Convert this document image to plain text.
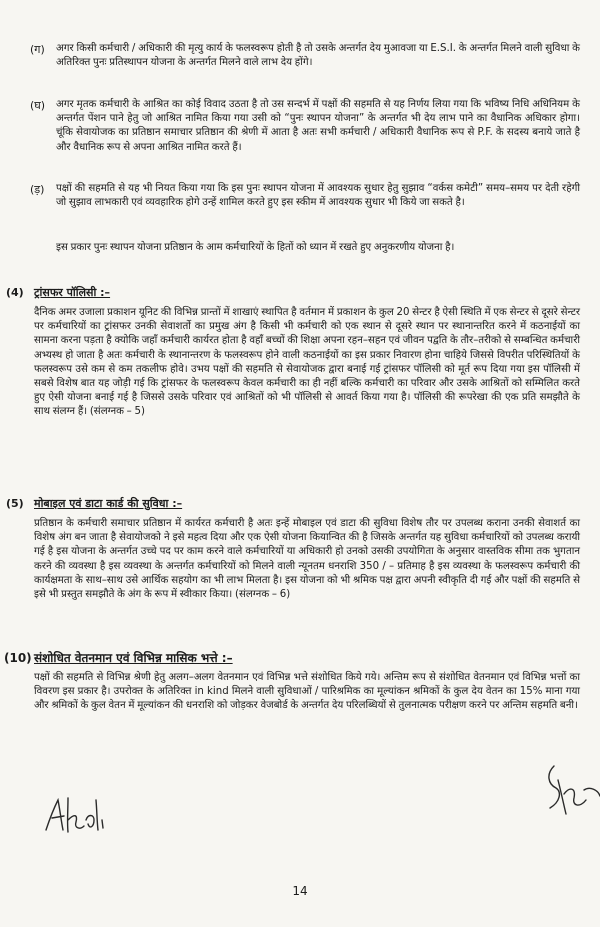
(ग) अगर किसी कर्मचारी / अधिकारी की मृत्यु कार्य के फलस्वरूप होती है तो उसके अन्तर्गत देय मुआवजा या E.S.I. के अन्तर्गत मिलने वाली सुविधा के अतिरिक्त पुनः प्रतिस्थापन योजना के अन्तर्गत मिलने वाले लाभ देय होंगे।
(घ) अगर मृतक कर्मचारी के आश्रित का कोई विवाद उठता है तो उस सन्दर्भ में पक्षों की सहमति से यह निर्णय लिया गया कि भविष्य निधि अधिनियम के अन्तर्गत पेंशन पाने हेतु जो आश्रित नामित किया गया उसी को “पुनः स्थापन योजना” के अन्तर्गत भी देय लाभ पाने का वैधानिक अधिकार होगा। चूंकि सेवायोजक का प्रतिष्ठान समाचार प्रतिष्ठान की श्रेणी में आता है अतः सभी कर्मचारी / अधिकारी वैधानिक रूप से P.F. के सदस्य बनाये जाते है और वैधानिक रूप से अपना आश्रित नामित करते हैं।
(ड़) पक्षों की सहमति से यह भी नियत किया गया कि इस पुनः स्थापन योजना में आवश्यक सुधार हेतु सुझाव “वर्कस कमेटी” समय–समय पर देती रहेगी जो सुझाव लाभकारी एवं व्यवहारिक होगे उन्हें शामिल करते हुए इस स्कीम में आवश्यक सुधार भी किये जा सकते है।
इस प्रकार पुनः स्थापन योजना प्रतिष्ठान के आम कर्मचारियों के हितों को ध्यान में रखते हुए अनुकरणीय योजना है।
(4) ट्रांसफर पॉलिसी :–
दैनिक अमर उजाला प्रकाशन यूनिट की विभिन्न प्रान्तों में शाखाएं स्थापित है वर्तमान में प्रकाशन के कुल 20 सेन्टर है ऐसी स्थिति में एक सेन्टर से दूसरे सेन्टर पर कर्मचारियों का ट्रांसफर उनकी सेवाशर्तो का प्रमुख अंग है किसी भी कर्मचारी को एक स्थान से दूसरे स्थान पर स्थानान्तरित करने में कठनाईयों का सामना करना पड़ता है क्योकि जहॉं कर्मचारी कार्यरत होता है वहॉं बच्चों की शिक्षा अपना रहन–सहन एवं जीवन पद्वति के तौर–तरीको से सम्बन्धित कर्मचारी अभ्यस्थ हो जाता है अतः कर्मचारी के स्थानान्तरण के फलस्वरूप होने वाली कठनाईयों का इस प्रकार निवारण होना चाहिये जिससे विपरीत परिस्थितियों के फलस्वरूप उसे कम से कम तकलीफ होवे। उभय पक्षों की सहमति से सेवायोजक द्वारा बनाई गई ट्रांसफर पॉलिसी को मूर्त रूप दिया गया इस पॉलिसी में सबसे विशेष बात यह जोड़ी गई कि ट्रांसफर के फलस्वरूप केवल कर्मचारी का ही नहीं बल्कि कर्मचारी का परिवार और उसके आश्रितों को सम्मिलित करते हुए ऐसी योजना बनाई गई है जिससे उसके परिवार एवं आश्रितों को भी पॉलिसी से आवर्त किया गया है। पॉलिसी की रूपरेखा की एक प्रति समझौते के साथ संलग्न हैं। (संलग्नक – 5)
(5) मोबाइल एवं डाटा कार्ड की सुविधा :–
प्रतिष्ठान के कर्मचारी समाचार प्रतिष्ठान में कार्यरत कर्मचारी है अतः इन्हें मोबाइल एवं डाटा की सुविधा विशेष तौर पर उपलब्ध कराना उनकी सेवाशर्त का विशेष अंग बन जाता है सेवायोजको ने इसे महत्व दिया और एक ऐसी योजना कियान्वित की है जिसके अन्तर्गत यह सुविधा कर्मचारियों को उपलब्ध करायी गई है इस योजना के अन्तर्गत उच्चे पद पर काम करने वाले कर्मचारियों या अधिकारी हो उनको उसकी उपयोगिता के अनुसार वास्तविक सीमा तक भुगतान करने की व्यवस्था है इस व्यवस्था के अन्तर्गत कर्मचारियों को मिलने वाली न्यूनतम धनराशि 350 / – प्रतिमाह है इस व्यवस्था के फलस्वरूप कर्मचारी की कार्यक्षमता के साथ–साथ उसे आर्थिक सहयोग का भी लाभ मिलता है। इस योजना को भी श्रमिक पक्ष द्वारा अपनी स्वीकृति दी गई और पक्षों की सहमति से इसे भी प्रस्तुत समझौते के अंग के रूप में स्वीकार किया। (संलग्नक – 6)
(10) संशोधित वेतनमान एवं विभिन्न मासिक भत्ते :–
पक्षों की सहमति से विभिन्न श्रेणी हेतु अलग–अलग वेतनमान एवं विभिन्न भत्ते संशोधित किये गये। अन्तिम रूप से संशोधित वेतनमान एवं विभिन्न भत्तों का विवरण इस प्रकार है। उपरोक्त के अतिरिक्त in kind मिलने वाली सुविधाओं / पारिश्रमिक का मूल्यांकन श्रमिकों के कुल देय वेतन का 15% माना गया और श्रमिकों के कुल वेतन में मूल्यांकन की धनराशि को जोड़कर वेजबोर्ड के अन्तर्गत देय परिलब्धियों से तुलनात्मक परीक्षण करने पर अन्तिम सहमति बनी।
14
